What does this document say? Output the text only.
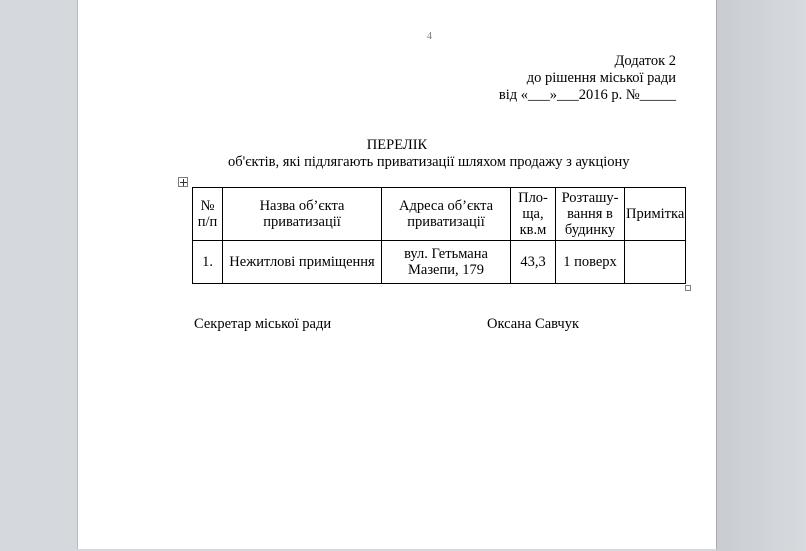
4
Додаток 2
до рішення міської ради
від «___»___2016 р. №_____
ПЕРЕЛІК
об'єктів, які підлягають приватизації шляхом продажу з аукціону
№ п/п	Назва об’єкта приватизації	Адреса об’єкта приватизації	Пло-ща, кв.м	Розташу-вання в будинку	Примітка
1.	Нежитлові приміщення	вул. Гетьмана Мазепи, 179	43,3	1 поверх	
Секретар міської ради	Оксана Савчук
